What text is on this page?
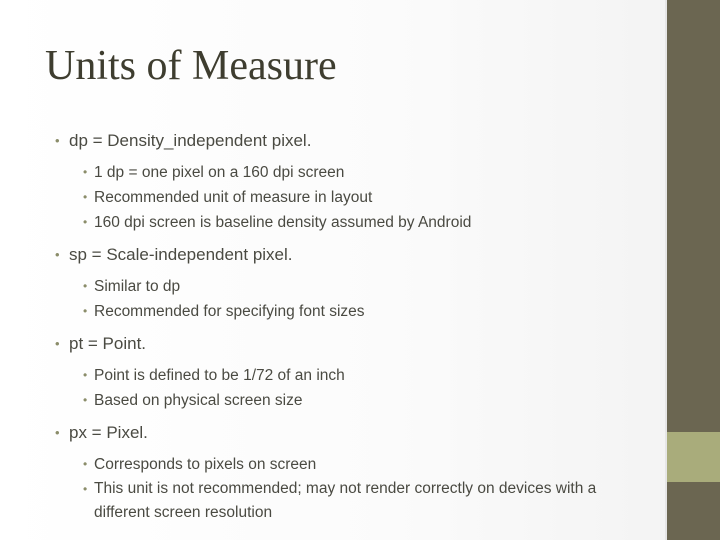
Units of Measure
• dp = Density_independent pixel.
• 1 dp = one pixel on a 160 dpi screen
• Recommended unit of measure in layout
• 160 dpi screen is baseline density assumed by Android
• sp = Scale-independent pixel.
• Similar to dp
• Recommended for specifying font sizes
• pt = Point.
• Point is defined to be 1/72 of an inch
• Based on physical screen size
• px = Pixel.
• Corresponds to pixels on screen
• This unit is not recommended; may not render correctly on devices with a different screen resolution
